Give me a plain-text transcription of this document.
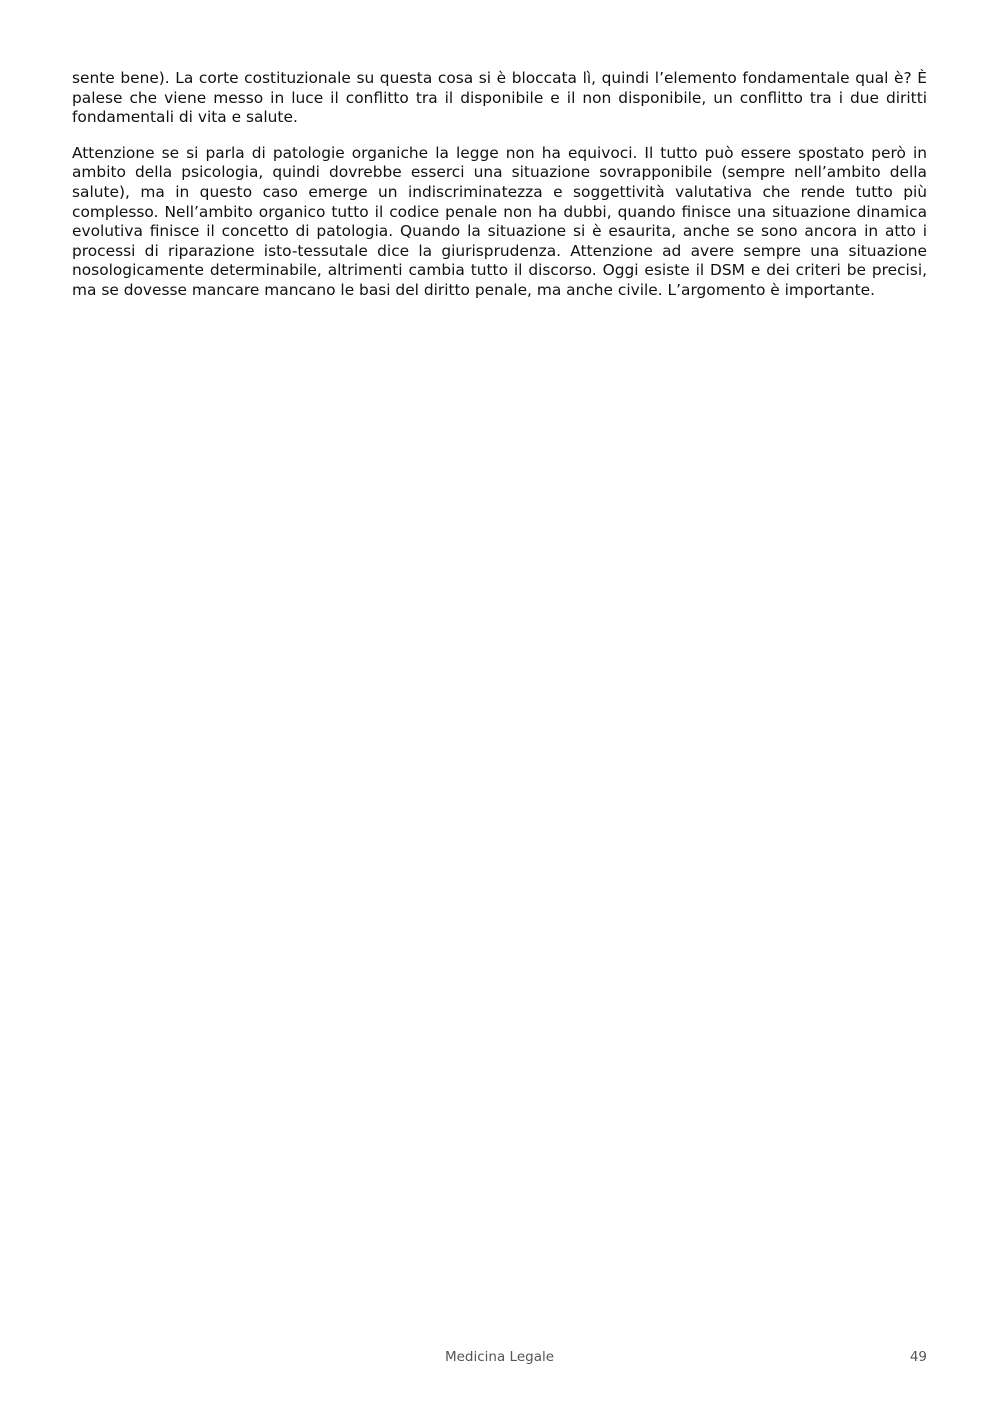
sente bene). La corte costituzionale su questa cosa si è bloccata lì, quindi l’elemento fondamentale qual è? È palese che viene messo in luce il conflitto tra il disponibile e il non disponibile, un conflitto tra i due diritti fondamentali di vita e salute.

Attenzione se si parla di patologie organiche la legge non ha equivoci. Il tutto può essere spostato però in ambito della psicologia, quindi dovrebbe esserci una situazione sovrapponibile (sempre nell’ambito della salute), ma in questo caso emerge un indiscriminatezza e soggettività valutativa che rende tutto più complesso. Nell’ambito organico tutto il codice penale non ha dubbi, quando finisce una situazione dinamica evolutiva finisce il concetto di patologia. Quando la situazione si è esaurita, anche se sono ancora in atto i processi di riparazione isto-tessutale dice la giurisprudenza. Attenzione ad avere sempre una situazione nosologicamente determinabile, altrimenti cambia tutto il discorso. Oggi esiste il DSM e dei criteri be precisi, ma se dovesse mancare mancano le basi del diritto penale, ma anche civile. L’argomento è importante.

Medicina Legale	49
